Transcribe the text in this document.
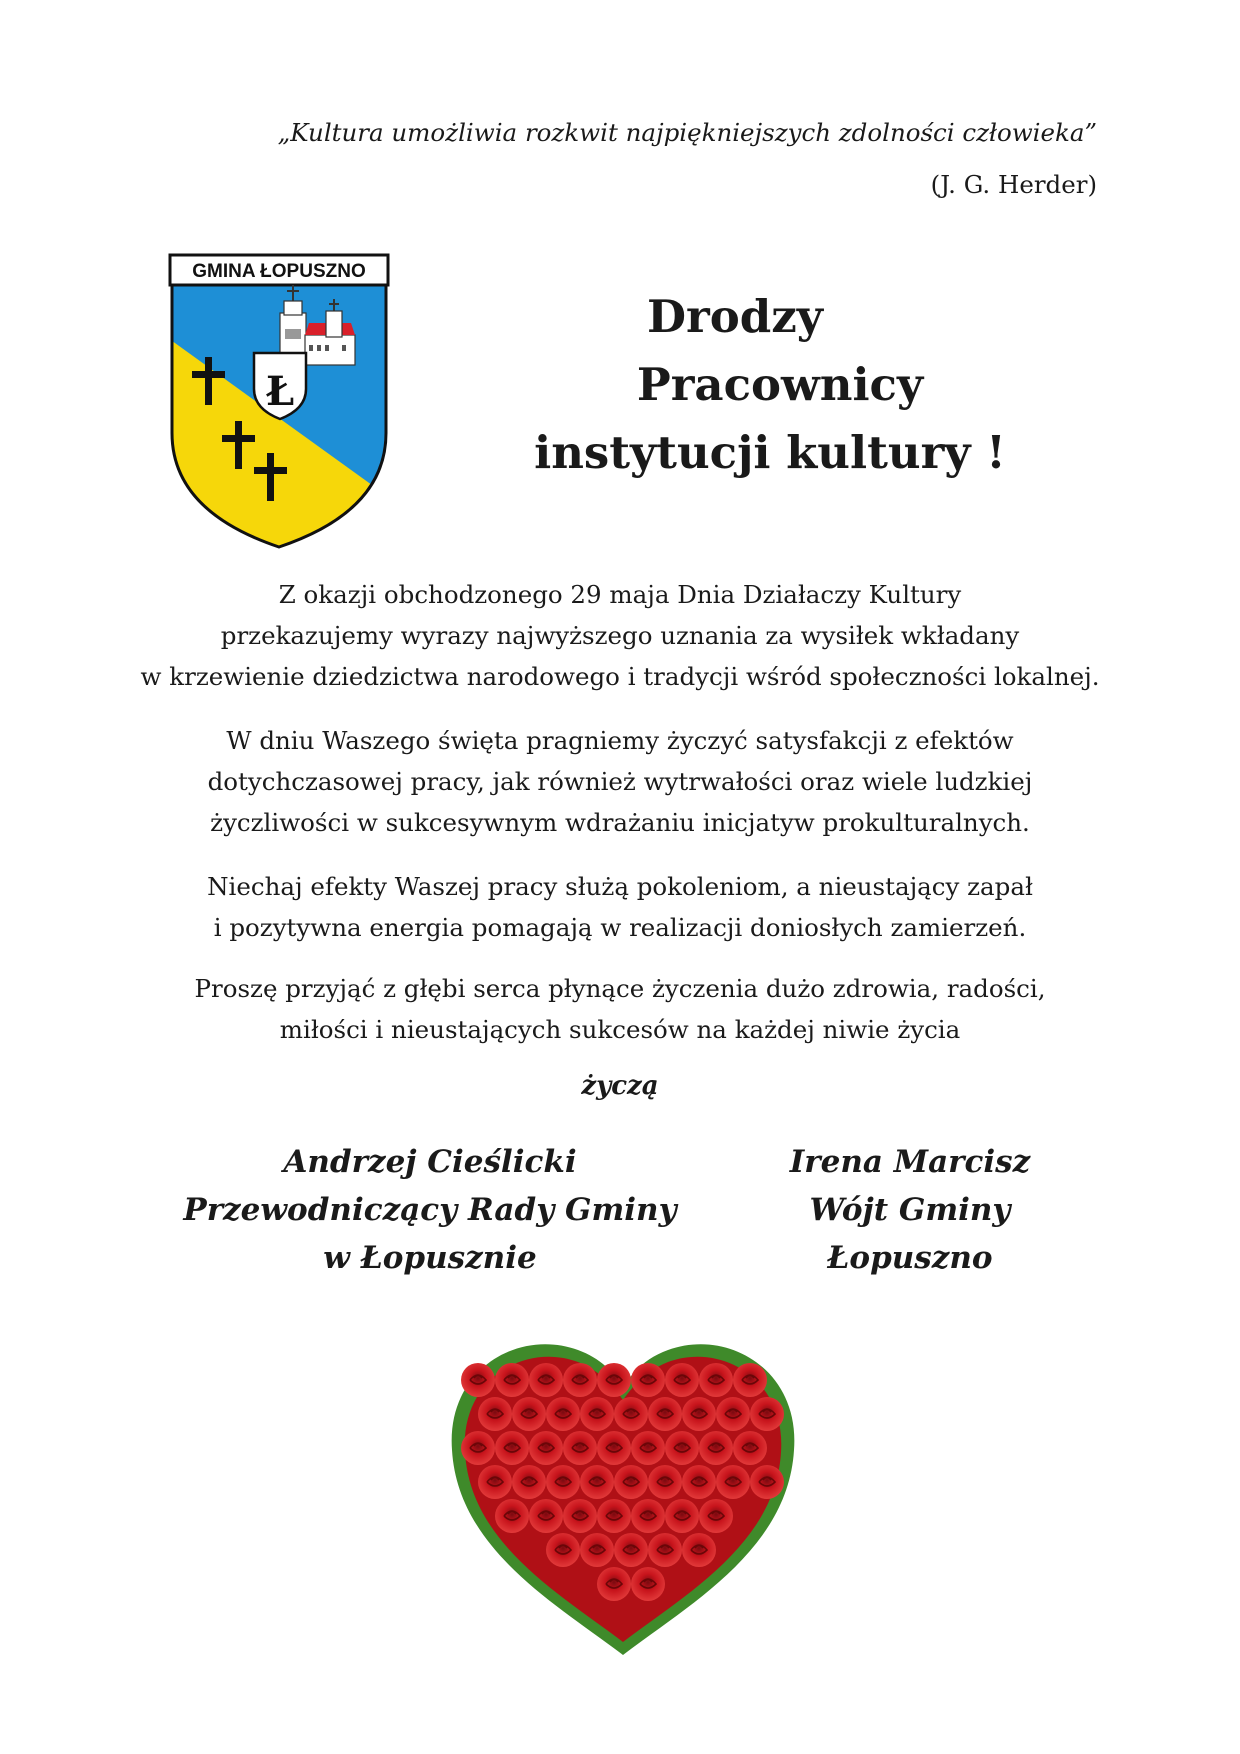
„Kultura umożliwia rozkwit najpiękniejszych zdolności człowieka”
(J. G. Herder)
GMINA ŁOPUSZNO
Ł
Drodzy
Pracownicy
instytucji kultury !
Z okazji obchodzonego 29 maja Dnia Działaczy Kultury
przekazujemy wyrazy najwyższego uznania za wysiłek wkładany
w krzewienie dziedzictwa narodowego i tradycji wśród społeczności lokalnej.
W dniu Waszego święta pragniemy życzyć satysfakcji z efektów
dotychczasowej pracy, jak również wytrwałości oraz wiele ludzkiej
życzliwości w sukcesywnym wdrażaniu inicjatyw prokulturalnych.
Niechaj efekty Waszej pracy służą pokoleniom, a nieustający zapał
i pozytywna energia pomagają w realizacji doniosłych zamierzeń.
Proszę przyjąć z głębi serca płynące życzenia dużo zdrowia, radości,
miłości i nieustających sukcesów na każdej niwie życia
życzą
Andrzej Cieślicki
Przewodniczący Rady Gminy
w Łopusznie
Irena Marcisz
Wójt Gminy
Łopuszno
